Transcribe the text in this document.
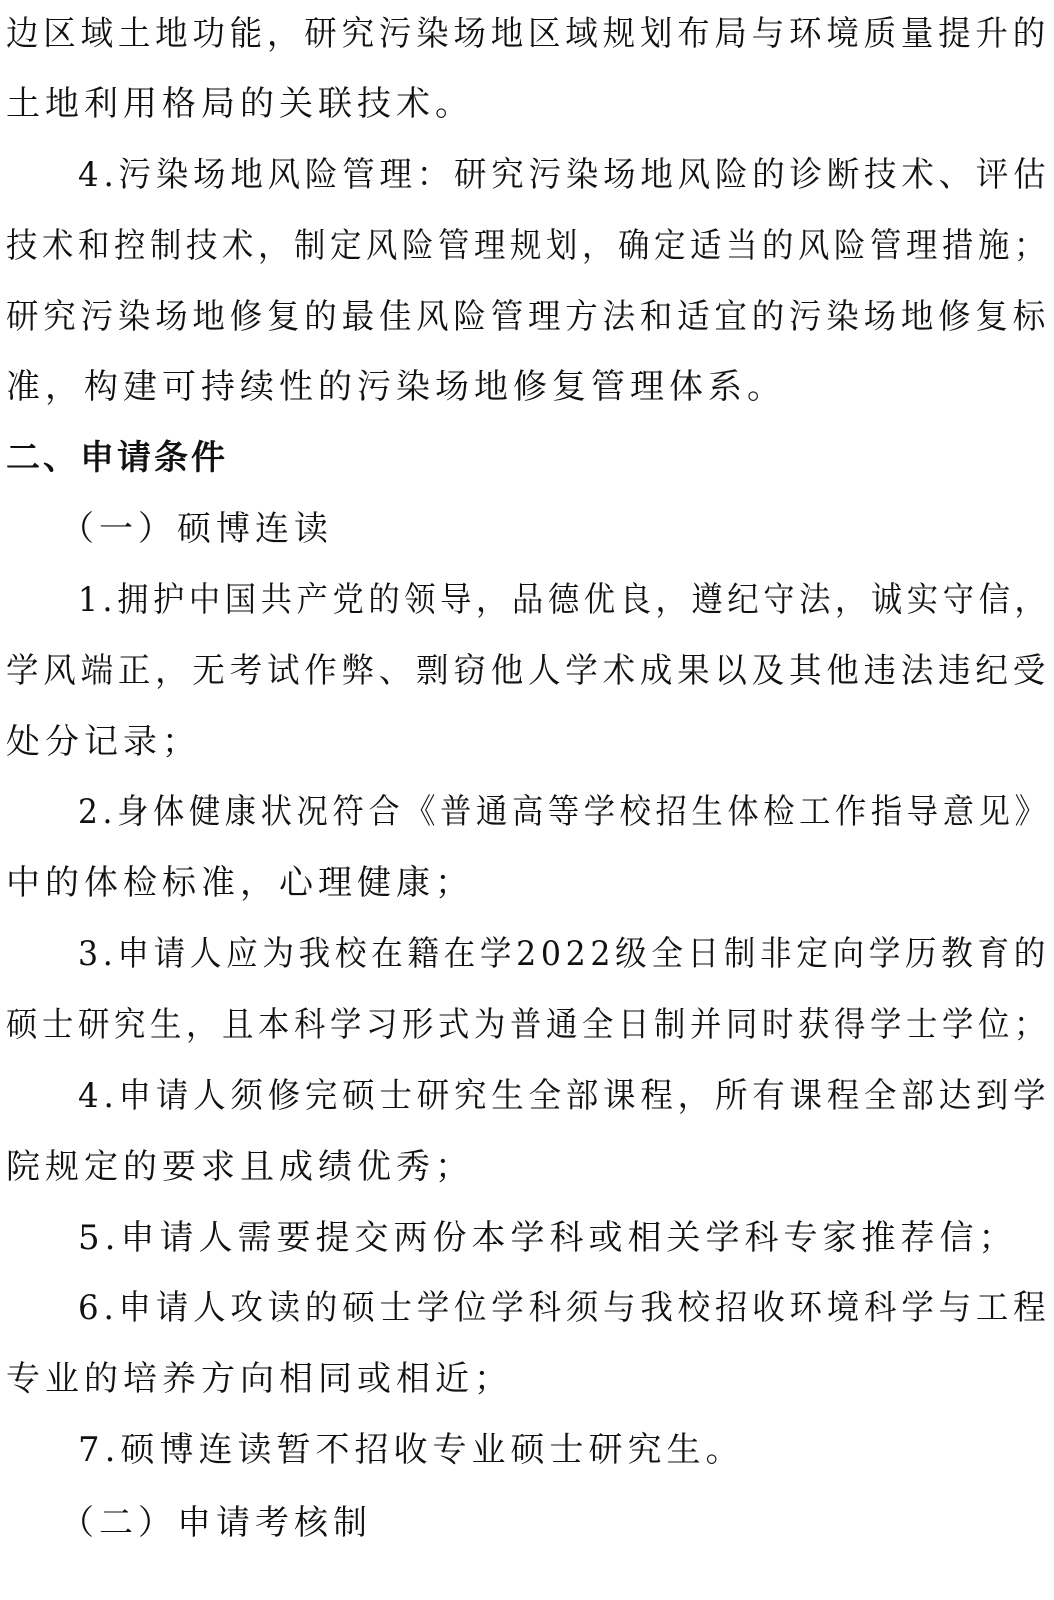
边区域土地功能，研究污染场地区域规划布局与环境质量提升的
土地利用格局的关联技术。
4.污染场地风险管理：研究污染场地风险的诊断技术、评估
技术和控制技术，制定风险管理规划，确定适当的风险管理措施；
研究污染场地修复的最佳风险管理方法和适宜的污染场地修复标
准，构建可持续性的污染场地修复管理体系。
二、申请条件
（一）硕博连读
1.拥护中国共产党的领导，品德优良，遵纪守法，诚实守信，
学风端正，无考试作弊、剽窃他人学术成果以及其他违法违纪受
处分记录；
2.身体健康状况符合《普通高等学校招生体检工作指导意见》
中的体检标准，心理健康；
3.申请人应为我校在籍在学2022级全日制非定向学历教育的
硕士研究生，且本科学习形式为普通全日制并同时获得学士学位；
4.申请人须修完硕士研究生全部课程，所有课程全部达到学
院规定的要求且成绩优秀；
5.申请人需要提交两份本学科或相关学科专家推荐信；
6.申请人攻读的硕士学位学科须与我校招收环境科学与工程
专业的培养方向相同或相近；
7.硕博连读暂不招收专业硕士研究生。
（二）申请考核制
